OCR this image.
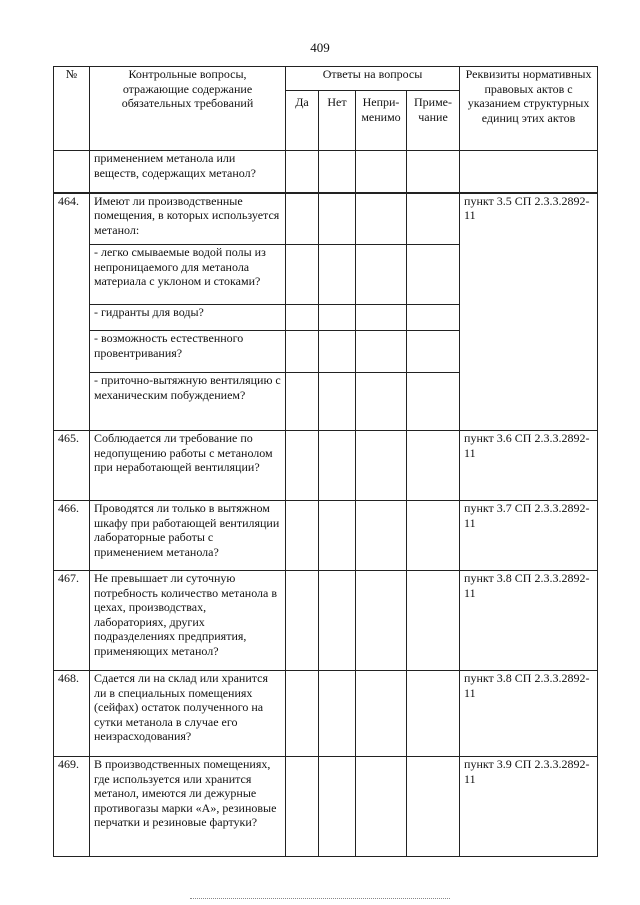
409
№	Контрольные вопросы, отражающие содержание обязательных требований	Ответы на вопросы				Реквизиты нормативных правовых актов с указанием структурных единиц этих актов
		Да	Нет	Непри-менимо	Приме-чание	
	применением метанола или веществ, содержащих метанол?					
464.	Имеют ли производственные помещения, в которых используется метанол:					пункт 3.5 СП 2.3.3.2892-11
	- легко смываемые водой полы из непроницаемого для метанола материала с уклоном и стоками?					
	- гидранты для воды?					
	- возможность естественного провентривания?					
	- приточно-вытяжную вентиляцию с механическим побуждением?					
465.	Соблюдается ли требование по недопущению работы с метанолом при неработающей вентиляции?					пункт 3.6 СП 2.3.3.2892-11
466.	Проводятся ли только в вытяжном шкафу при работающей вентиляции лабораторные работы с применением метанола?					пункт 3.7 СП 2.3.3.2892-11
467.	Не превышает ли суточную потребность количество метанола в цехах, производствах, лабораториях, других подразделениях предприятия, применяющих метанол?					пункт 3.8 СП 2.3.3.2892-11
468.	Сдается ли на склад или хранится ли в специальных помещениях (сейфах) остаток полученного на сутки метанола в случае его неизрасходования?					пункт 3.8 СП 2.3.3.2892-11
469.	В производственных помещениях, где используется или хранится метанол, имеются ли дежурные противогазы марки «А», резиновые перчатки и резиновые фартуки?					пункт 3.9 СП 2.3.3.2892-11
